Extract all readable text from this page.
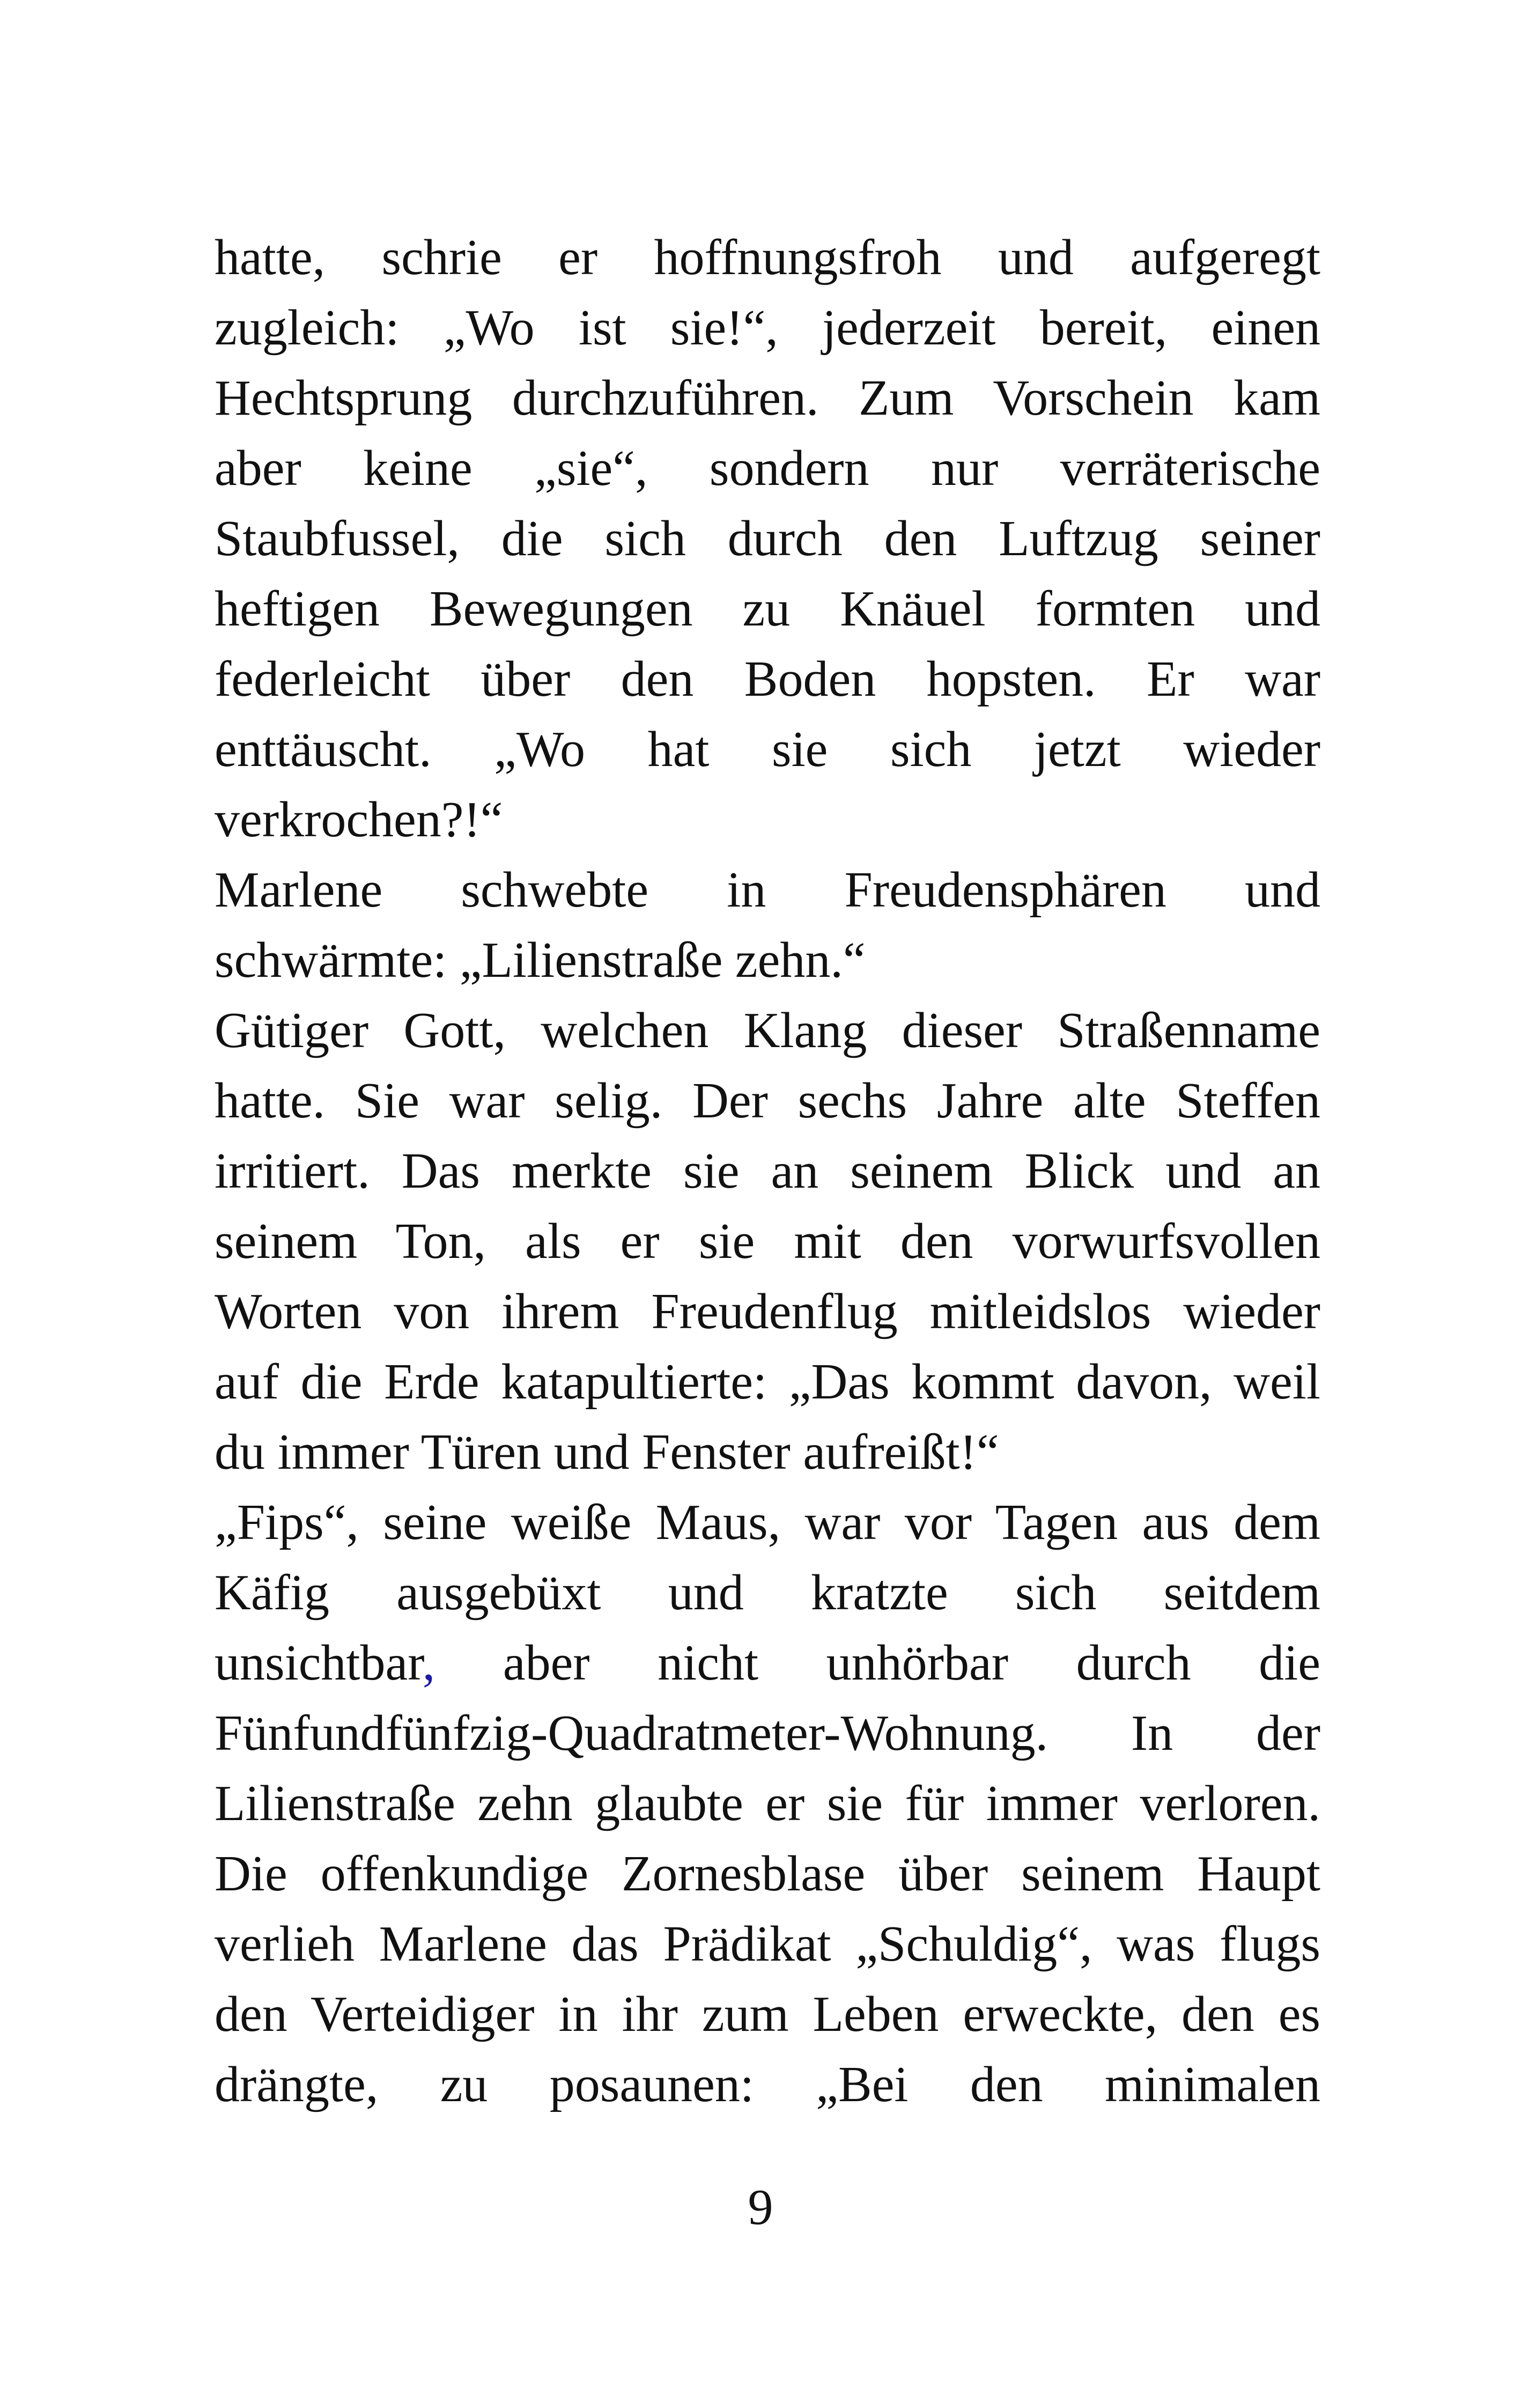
hatte, schrie er hoffnungsfroh und aufgeregt
zugleich: „Wo ist sie!“, jederzeit bereit, einen
Hechtsprung durchzuführen. Zum Vorschein kam
aber keine „sie“, sondern nur verräterische
Staubfussel, die sich durch den Luftzug seiner
heftigen Bewegungen zu Knäuel formten und
federleicht über den Boden hopsten. Er war
enttäuscht. „Wo hat sie sich jetzt wieder
verkrochen?!“
Marlene schwebte in Freudensphären und
schwärmte: „Lilienstraße zehn.“
Gütiger Gott, welchen Klang dieser Straßenname
hatte. Sie war selig. Der sechs Jahre alte Steffen
irritiert. Das merkte sie an seinem Blick und an
seinem Ton, als er sie mit den vorwurfsvollen
Worten von ihrem Freudenflug mitleidslos wieder
auf die Erde katapultierte: „Das kommt davon, weil
du immer Türen und Fenster aufreißt!“
„Fips“, seine weiße Maus, war vor Tagen aus dem
Käfig ausgebüxt und kratzte sich seitdem
unsichtbar, aber nicht unhörbar durch die
Fünfundfünfzig-Quadratmeter-Wohnung. In der
Lilienstraße zehn glaubte er sie für immer verloren.
Die offenkundige Zornesblase über seinem Haupt
verlieh Marlene das Prädikat „Schuldig“, was flugs
den Verteidiger in ihr zum Leben erweckte, den es
drängte, zu posaunen: „Bei den minimalen
9
